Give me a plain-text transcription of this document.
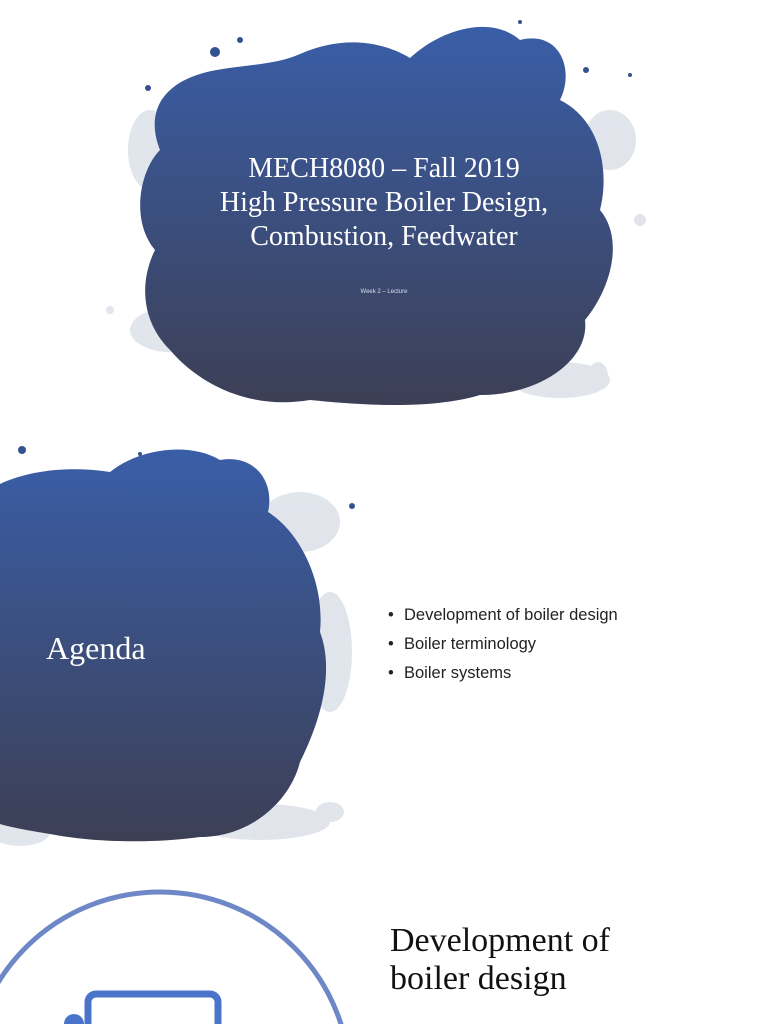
MECH8080 – Fall 2019
High Pressure Boiler Design,
Combustion, Feedwater
Week 2 – Lecture
Agenda
• Development of boiler design
• Boiler terminology
• Boiler systems
Development of
boiler design
